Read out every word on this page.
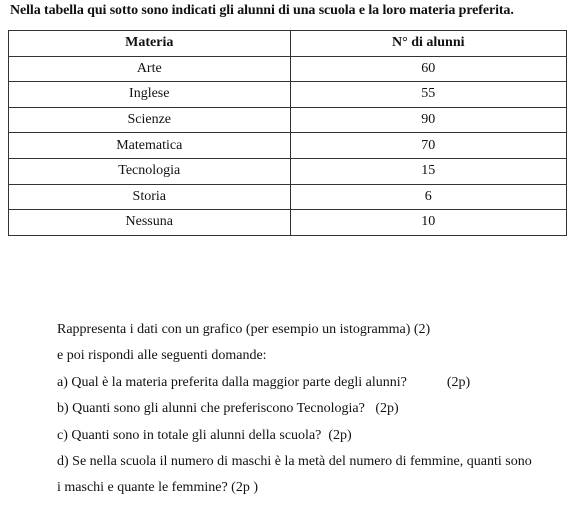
Nella tabella qui sotto sono indicati gli alunni di una scuola e la loro materia preferita.
Materia	N° di alunni
Arte	60
Inglese	55
Scienze	90
Matematica	70
Tecnologia	15
Storia	6
Nessuna	10
Rappresenta i dati con un grafico (per esempio un istogramma) (2)
e poi rispondi alle seguenti domande:
a) Qual è la materia preferita dalla maggior parte degli alunni?	(2p)
b) Quanti sono gli alunni che preferiscono Tecnologia?   (2p)
c) Quanti sono in totale gli alunni della scuola?  (2p)
d) Se nella scuola il numero di maschi è la metà del numero di femmine, quanti sono
i maschi e quante le femmine? (2p )
